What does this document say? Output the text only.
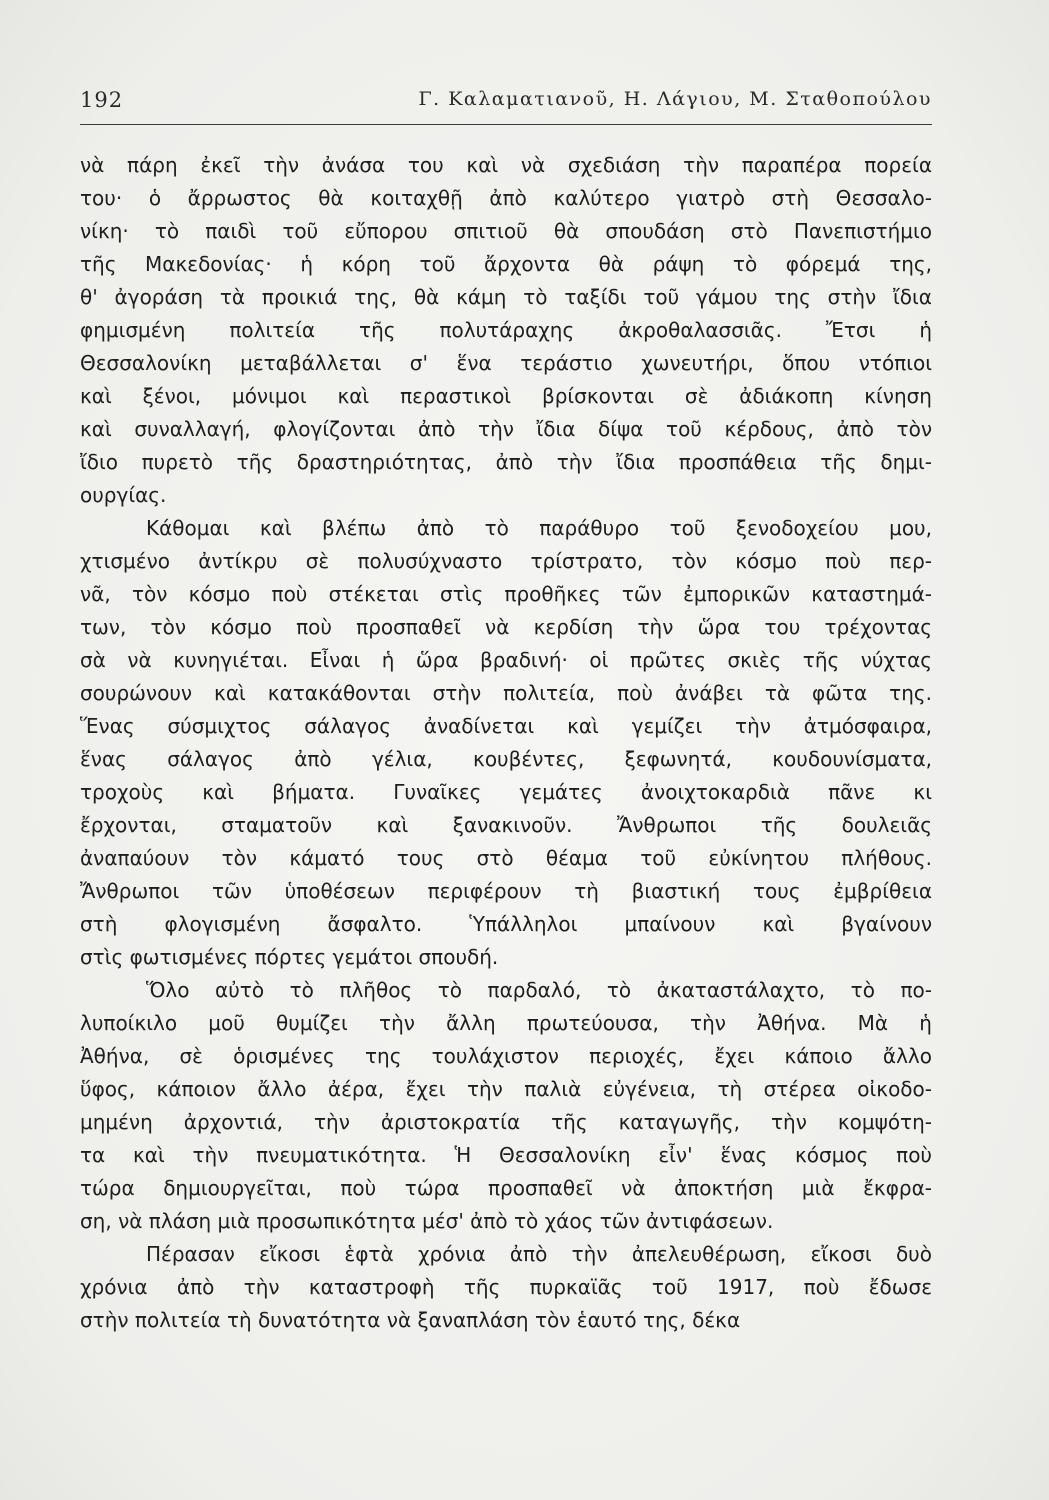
192	Γ. Καλαματιανοῦ, Η. Λάγιου, Μ. Σταθοπούλου
νὰ πάρη ἐκεῖ τὴν ἀνάσα του καὶ νὰ σχεδιάση τὴν παραπέρα πορεία
του· ὁ ἄρρωστος θὰ κοιταχθῇ ἀπὸ καλύτερο γιατρὸ στὴ Θεσσαλο-
νίκη· τὸ παιδὶ τοῦ εὔπορου σπιτιοῦ θὰ σπουδάση στὸ Πανεπιστήμιο
τῆς Μακεδονίας· ἡ κόρη τοῦ ἄρχοντα θὰ ράψη τὸ φόρεμά της,
θ' ἀγοράση τὰ προικιά της, θὰ κάμη τὸ ταξίδι τοῦ γάμου της στὴν ἴδια
φημισμένη πολιτεία τῆς πολυτάραχης ἀκροθαλασσιᾶς. Ἔτσι ἡ
Θεσσαλονίκη μεταβάλλεται σ' ἕνα τεράστιο χωνευτήρι, ὅπου ντόπιοι
καὶ ξένοι, μόνιμοι καὶ περαστικοὶ βρίσκονται σὲ ἀδιάκοπη κίνηση
καὶ συναλλαγή, φλογίζονται ἀπὸ τὴν ἴδια δίψα τοῦ κέρδους, ἀπὸ τὸν
ἴδιο πυρετὸ τῆς δραστηριότητας, ἀπὸ τὴν ἴδια προσπάθεια τῆς δημι-
ουργίας.
Κάθομαι καὶ βλέπω ἀπὸ τὸ παράθυρο τοῦ ξενοδοχείου μου,
χτισμένο ἀντίκρυ σὲ πολυσύχναστο τρίστρατο, τὸν κόσμο ποὺ περ-
νᾶ, τὸν κόσμο ποὺ στέκεται στὶς προθῆκες τῶν ἐμπορικῶν καταστημά-
των, τὸν κόσμο ποὺ προσπαθεῖ νὰ κερδίση τὴν ὥρα του τρέχοντας
σὰ νὰ κυνηγιέται. Εἶναι ἡ ὥρα βραδινή· οἱ πρῶτες σκιὲς τῆς νύχτας
σουρώνουν καὶ κατακάθονται στὴν πολιτεία, ποὺ ἀνάβει τὰ φῶτα της.
Ἕνας σύσμιχτος σάλαγος ἀναδίνεται καὶ γεμίζει τὴν ἀτμόσφαιρα,
ἕνας σάλαγος ἀπὸ γέλια, κουβέντες, ξεφωνητά, κουδουνίσματα,
τροχοὺς καὶ βήματα. Γυναῖκες γεμάτες ἀνοιχτοκαρδιὰ πᾶνε κι
ἔρχονται, σταματοῦν καὶ ξανακινοῦν. Ἄνθρωποι τῆς δουλειᾶς
ἀναπαύουν τὸν κάματό τους στὸ θέαμα τοῦ εὐκίνητου πλήθους.
Ἄνθρωποι τῶν ὑποθέσεων περιφέρουν τὴ βιαστική τους ἐμβρίθεια
στὴ φλογισμένη ἄσφαλτο. Ὑπάλληλοι μπαίνουν καὶ βγαίνουν
στὶς φωτισμένες πόρτες γεμάτοι σπουδή.
Ὅλο αὐτὸ τὸ πλῆθος τὸ παρδαλό, τὸ ἀκαταστάλαχτο, τὸ πο-
λυποίκιλο μοῦ θυμίζει τὴν ἄλλη πρωτεύουσα, τὴν Ἀθήνα. Μὰ ἡ
Ἀθήνα, σὲ ὁρισμένες της τουλάχιστον περιοχές, ἔχει κάποιο ἄλλο
ὕφος, κάποιον ἄλλο ἀέρα, ἔχει τὴν παλιὰ εὐγένεια, τὴ στέρεα οἰκοδο-
μημένη ἀρχοντιά, τὴν ἀριστοκρατία τῆς καταγωγῆς, τὴν κομψότη-
τα καὶ τὴν πνευματικότητα. Ἡ Θεσσαλονίκη εἶν' ἕνας κόσμος ποὺ
τώρα δημιουργεῖται, ποὺ τώρα προσπαθεῖ νὰ ἀποκτήση μιὰ ἔκφρα-
ση, νὰ πλάση μιὰ προσωπικότητα μέσ' ἀπὸ τὸ χάος τῶν ἀντιφάσεων.
Πέρασαν εἴκοσι ἑφτὰ χρόνια ἀπὸ τὴν ἀπελευθέρωση, εἴκοσι δυὸ
χρόνια ἀπὸ τὴν καταστροφὴ τῆς πυρκαϊᾶς τοῦ 1917, ποὺ ἔδωσε
στὴν πολιτεία τὴ δυνατότητα νὰ ξαναπλάση τὸν ἑαυτό της, δέκα
